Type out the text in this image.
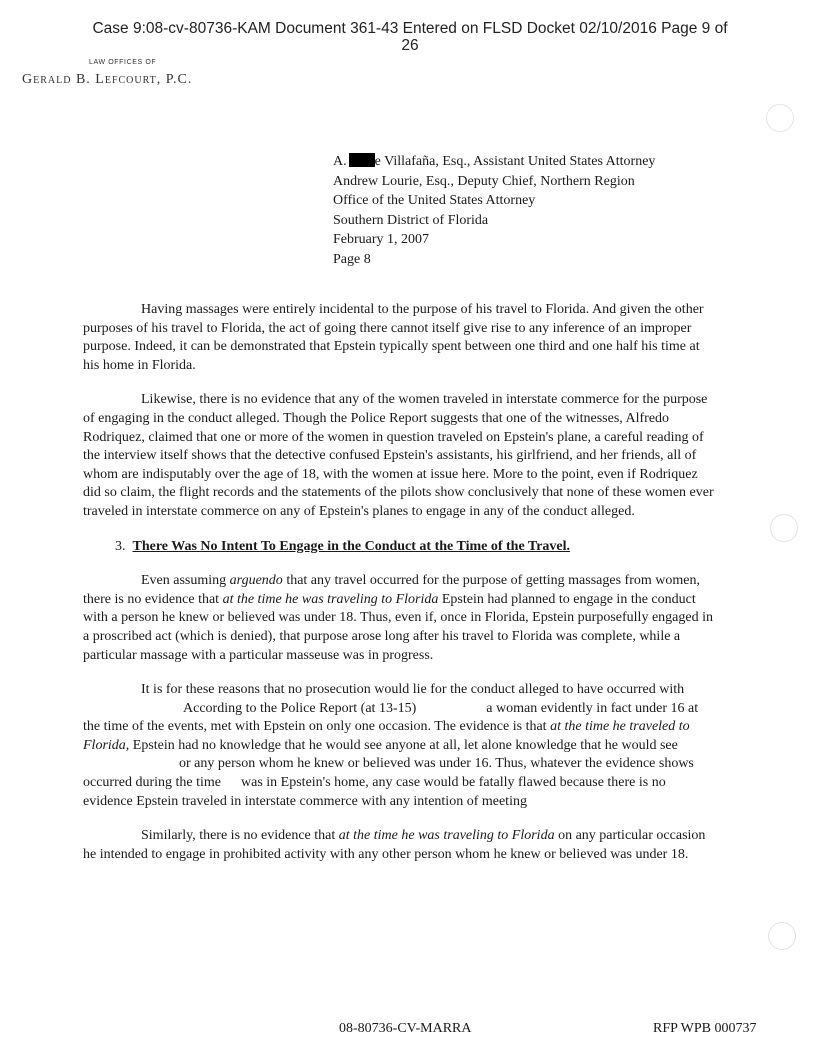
Case 9:08-cv-80736-KAM Document 361-43 Entered on FLSD Docket 02/10/2016 Page 9 of
26
LAW OFFICES OF
Gerald B. Lefcourt, P.C.
A. e Villafaña, Esq., Assistant United States Attorney
Andrew Lourie, Esq., Deputy Chief, Northern Region
Office of the United States Attorney
Southern District of Florida
February 1, 2007
Page 8

Having massages were entirely incidental to the purpose of his travel to Florida. And given the other purposes of his travel to Florida, the act of going there cannot itself give rise to any inference of an improper purpose. Indeed, it can be demonstrated that Epstein typically spent between one third and one half his time at his home in Florida.

Likewise, there is no evidence that any of the women traveled in interstate commerce for the purpose of engaging in the conduct alleged. Though the Police Report suggests that one of the witnesses, Alfredo Rodriquez, claimed that one or more of the women in question traveled on Epstein's plane, a careful reading of the interview itself shows that the detective confused Epstein's assistants, his girlfriend, and her friends, all of whom are indisputably over the age of 18, with the women at issue here. More to the point, even if Rodriquez did so claim, the flight records and the statements of the pilots show conclusively that none of these women ever traveled in interstate commerce on any of Epstein's planes to engage in any of the conduct alleged.

3. There Was No Intent To Engage in the Conduct at the Time of the Travel.

Even assuming arguendo that any travel occurred for the purpose of getting massages from women, there is no evidence that at the time he was traveling to Florida Epstein had planned to engage in the conduct with a person he knew or believed was under 18. Thus, even if, once in Florida, Epstein purposefully engaged in a proscribed act (which is denied), that purpose arose long after his travel to Florida was complete, while a particular massage with a particular masseuse was in progress.

It is for these reasons that no prosecution would lie for the conduct alleged to have occurred withAccording to the Police Report (at 13-15)	a woman evidently in fact under 16 at the time of the events, met with Epstein on only one occasion. The evidence is that at the time he traveled to Florida, Epstein had no knowledge that he would see anyone at all, let alone knowledge that he would seeor any person whom he knew or believed was under 16. Thus, whatever the evidence shows occurred during the time was in Epstein's home, any case would be fatally flawed because there is no evidence Epstein traveled in interstate commerce with any intention of meeting

Similarly, there is no evidence that at the time he was traveling to Florida on any particular occasion he intended to engage in prohibited activity with any other person whom he knew or believed was under 18.

08-80736-CV-MARRA	RFP WPB 000737
